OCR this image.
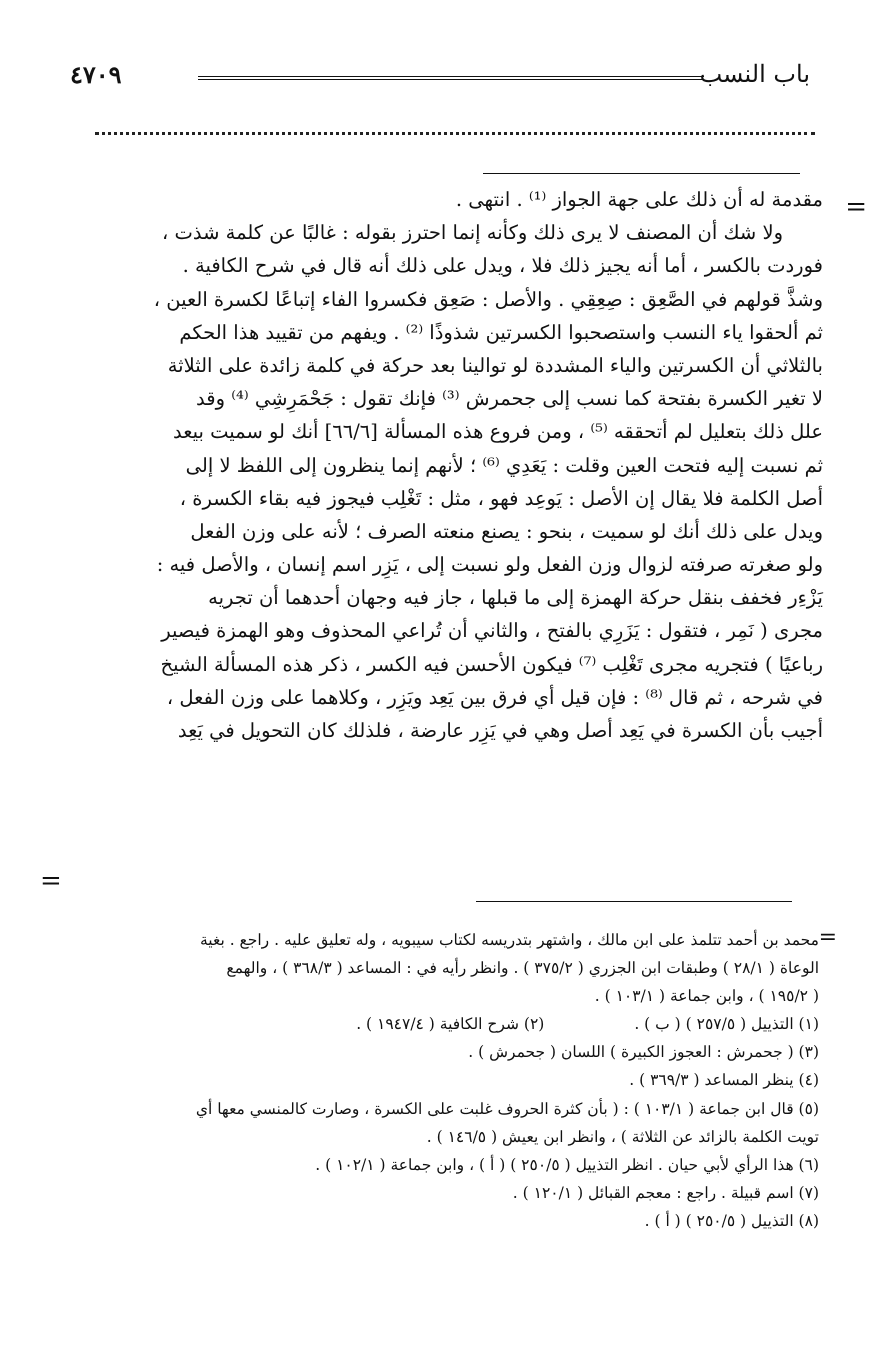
باب النسب
٤٧٠٩
=

مقدمة له أن ذلك على جهة الجواز ⁽¹⁾ . انتهى .

ولا شك أن المصنف لا يرى ذلك وكأنه إنما احترز بقوله : غالبًا عن كلمة شذت ،

فوردت بالكسر ، أما أنه يجيز ذلك فلا ، ويدل على ذلك أنه قال في شرح الكافية .

وشذَّ قولهم في الصَّعِق : صِعِقِي . والأصل : صَعِق فكسروا الفاء إتباعًا لكسرة العين ،

ثم ألحقوا ياء النسب واستصحبوا الكسرتين شذوذًا ⁽²⁾ . ويفهم من تقييد هذا الحكم

بالثلاثي أن الكسرتين والياء المشددة لو توالينا بعد حركة في كلمة زائدة على الثلاثة

لا تغير الكسرة بفتحة كما نسب إلى جحمرش ⁽³⁾ فإنك تقول : جَحْمَرِشِي ⁽⁴⁾ وقد

علل ذلك بتعليل لم أتحققه ⁽⁵⁾ ، ومن فروع هذه المسألة [٦٦/٦] أنك لو سميت بيعد

ثم نسبت إليه فتحت العين وقلت : يَعَدِي ⁽⁶⁾ ؛ لأنهم إنما ينظرون إلى اللفظ لا إلى

أصل الكلمة فلا يقال إن الأصل : يَوعِد فهو ، مثل : تَغْلِب فيجوز فيه بقاء الكسرة ،

ويدل على ذلك أنك لو سميت ، بنحو : يصنع منعته الصرف ؛ لأنه على وزن الفعل

ولو صغرته صرفته لزوال وزن الفعل ولو نسبت إلى ، يَزِر اسم إنسان ، والأصل فيه :

يَزْءِر فخفف بنقل حركة الهمزة إلى ما قبلها ، جاز فيه وجهان أحدهما أن تجريه

مجرى ( نَمِر ، فتقول : يَزَرِي بالفتح ، والثاني أن تُراعي المحذوف وهو الهمزة فيصير

رباعيًا ) فتجريه مجرى تَغْلِب ⁽⁷⁾ فيكون الأحسن فيه الكسر ، ذكر هذه المسألة الشيخ

في شرحه ، ثم قال ⁽⁸⁾ : فإن قيل أي فرق بين يَعِد ويَزِر ، وكلاهما على وزن الفعل ،

أجيب بأن الكسرة في يَعِد أصل وهي في يَزِر عارضة ، فلذلك كان التحويل في يَعِد

=
=

محمد بن أحمد تتلمذ على ابن مالك ، واشتهر بتدريسه لكتاب سيبويه ، وله تعليق عليه . راجع . بغية

الوعاة ( ٢٨/١ ) وطبقات ابن الجزري ( ٣٧٥/٢ ) . وانظر رأيه في : المساعد ( ٣٦٨/٣ ) ، والهمع

( ١٩٥/٢ ) ، وابن جماعة ( ١٠٣/١ ) .

(١) التذييل ( ٢٥٧/٥ ) ( ب ) .
(٢) شرح الكافية ( ١٩٤٧/٤ ) .

(٣) ( جحمرش : العجوز الكبيرة ) اللسان ( جحمرش ) .

(٤) ينظر المساعد ( ٣٦٩/٣ ) .

(٥) قال ابن جماعة ( ١٠٣/١ ) : ( بأن كثرة الحروف غلبت على الكسرة ، وصارت كالمنسي معها أي

تويت الكلمة بالزائد عن الثلاثة ) ، وانظر ابن يعيش ( ١٤٦/٥ ) .

(٦) هذا الرأي لأبي حيان . انظر التذييل ( ٢٥٠/٥ ) ( أ ) ، وابن جماعة ( ١٠٢/١ ) .

(٧) اسم قبيلة . راجع : معجم القبائل ( ١٢٠/١ ) .

(٨) التذييل ( ٢٥٠/٥ ) ( أ ) .
